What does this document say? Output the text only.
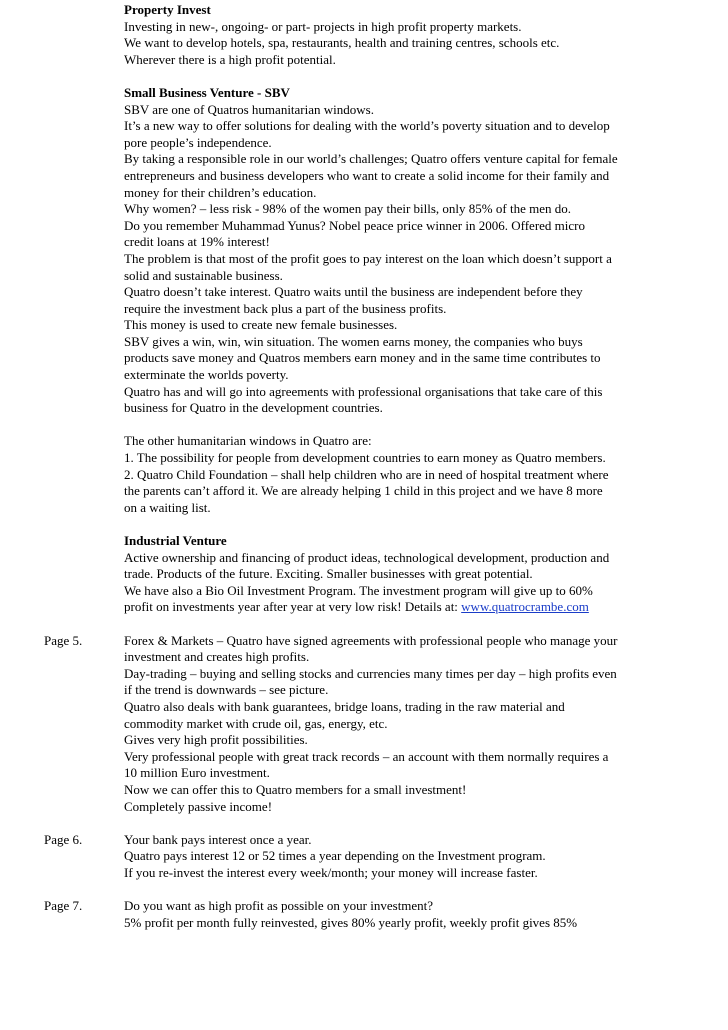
Property Invest
Investing in new-, ongoing- or part- projects in high profit property markets.
We want to develop hotels, spa, restaurants, health and training centres, schools etc.
Wherever there is a high profit potential.
Small Business Venture - SBV
SBV are one of Quatros humanitarian windows.
It’s a new way to offer solutions for dealing with the world’s poverty situation and to develop
pore people’s independence.
By taking a responsible role in our world’s challenges; Quatro offers venture capital for female
entrepreneurs and business developers who want to create a solid income for their family and
money for their children’s education.
Why women? – less risk - 98% of the women pay their bills, only 85% of the men do.
Do you remember Muhammad Yunus? Nobel peace price winner in 2006. Offered micro
credit loans at 19% interest!
The problem is that most of the profit goes to pay interest on the loan which doesn’t support a
solid and sustainable business.
Quatro doesn’t take interest. Quatro waits until the business are independent before they
require the investment back plus a part of the business profits.
This money is used to create new female businesses.
SBV gives a win, win, win situation. The women earns money, the companies who buys
products save money and Quatros members earn money and in the same time contributes to
exterminate the worlds poverty.
Quatro has and will go into agreements with professional organisations that take care of this
business for Quatro in the development countries.
The other humanitarian windows in Quatro are:
1. The possibility for people from development countries to earn money as Quatro members.
2. Quatro Child Foundation – shall help children who are in need of hospital treatment where
the parents can’t afford it. We are already helping 1 child in this project and we have 8 more
on a waiting list.
Industrial Venture
Active ownership and financing of product ideas, technological development, production and
trade. Products of the future. Exciting. Smaller businesses with great potential.
We have also a Bio Oil Investment Program. The investment program will give up to 60%
profit on investments year after year at very low risk! Details at: www.quatrocrambe.com
Page 5.	Forex & Markets – Quatro have signed agreements with professional people who manage your
investment and creates high profits.
Day-trading – buying and selling stocks and currencies many times per day – high profits even
if the trend is downwards – see picture.
Quatro also deals with bank guarantees, bridge loans, trading in the raw material and
commodity market with crude oil, gas, energy, etc.
Gives very high profit possibilities.
Very professional people with great track records – an account with them normally requires a
10 million Euro investment.
Now we can offer this to Quatro members for a small investment!
Completely passive income!
Page 6.	Your bank pays interest once a year.
Quatro pays interest 12 or 52 times a year depending on the Investment program.
If you re-invest the interest every week/month; your money will increase faster.
Page 7.	Do you want as high profit as possible on your investment?
5% profit per month fully reinvested, gives 80% yearly profit, weekly profit gives 85%
